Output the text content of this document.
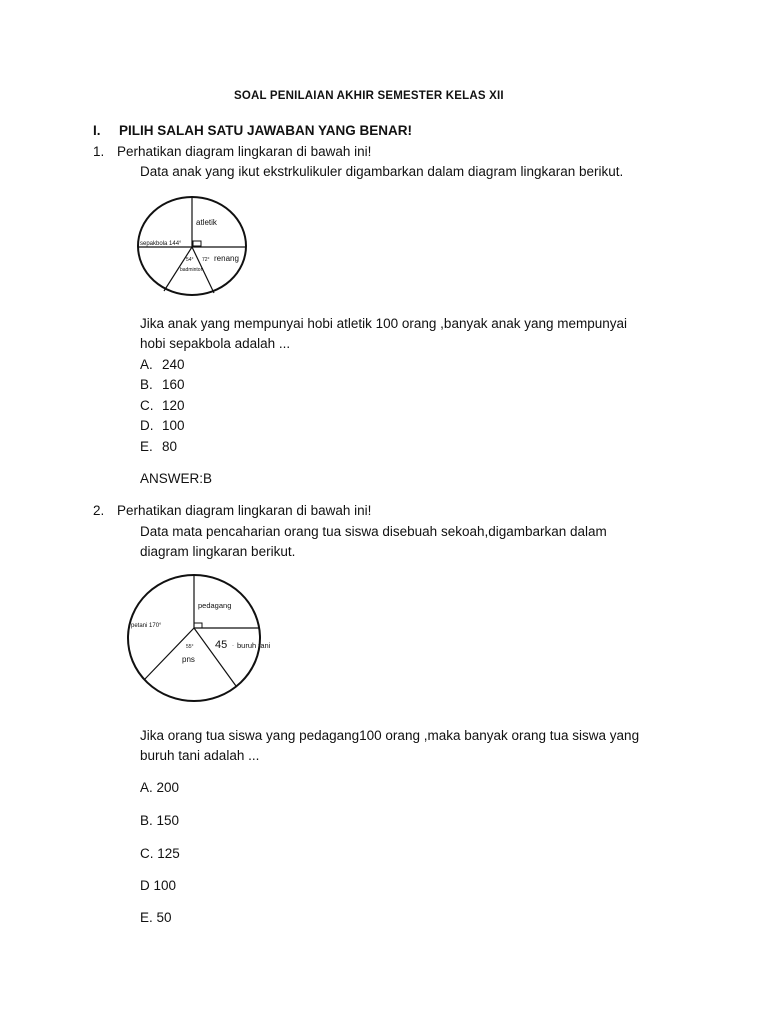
SOAL PENILAIAN AKHIR SEMESTER KELAS XII
I. PILIH SALAH SATU JAWABAN YANG BENAR!
1. Perhatikan diagram lingkaran di bawah ini!
Data anak yang ikut ekstrkulikuler digambarkan dalam diagram lingkaran berikut.
atletik
sepakbola 144°
54° 72° renang
badminton
Jika anak yang mempunyai hobi atletik 100 orang ,banyak anak yang mempunyai
hobi sepakbola adalah ...
A. 240
B. 160
C. 120
D. 100
E. 80
ANSWER:B
2. Perhatikan diagram lingkaran di bawah ini!
Data mata pencaharian orang tua siswa disebuah sekoah,digambarkan dalam
diagram lingkaran berikut.
pedagang
petani 170°
45 · buruh tani
55°
pns
Jika orang tua siswa yang pedagang100 orang ,maka banyak orang tua siswa yang
buruh tani adalah ...
A. 200
B. 150
C. 125
D 100
E. 50
